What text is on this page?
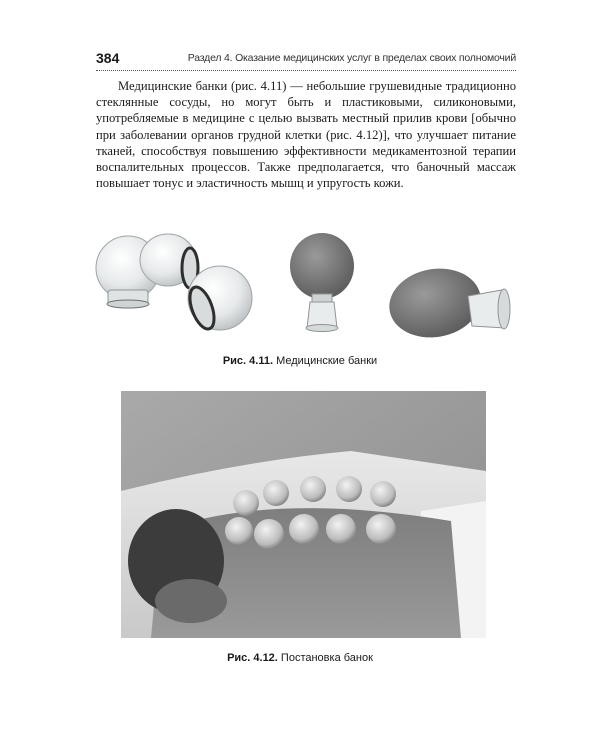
384	Раздел 4. Оказание медицинских услуг в пределах своих полномочий

Медицинские банки (рис. 4.11) — небольшие грушевидные традиционно стеклянные сосуды, но могут быть и пластиковыми, силиконовыми, употребляемые в медицине с целью вызвать местный прилив крови [обычно при заболевании органов грудной клетки (рис. 4.12)], что улучшает питание тканей, способствуя повышению эффективности медикаментозной терапии воспалительных процессов. Также предполагается, что баночный массаж повышает тонус и эластичность мышц и упругость кожи.

Рис. 4.11. Медицинские банки
Рис. 4.12. Постановка банок
